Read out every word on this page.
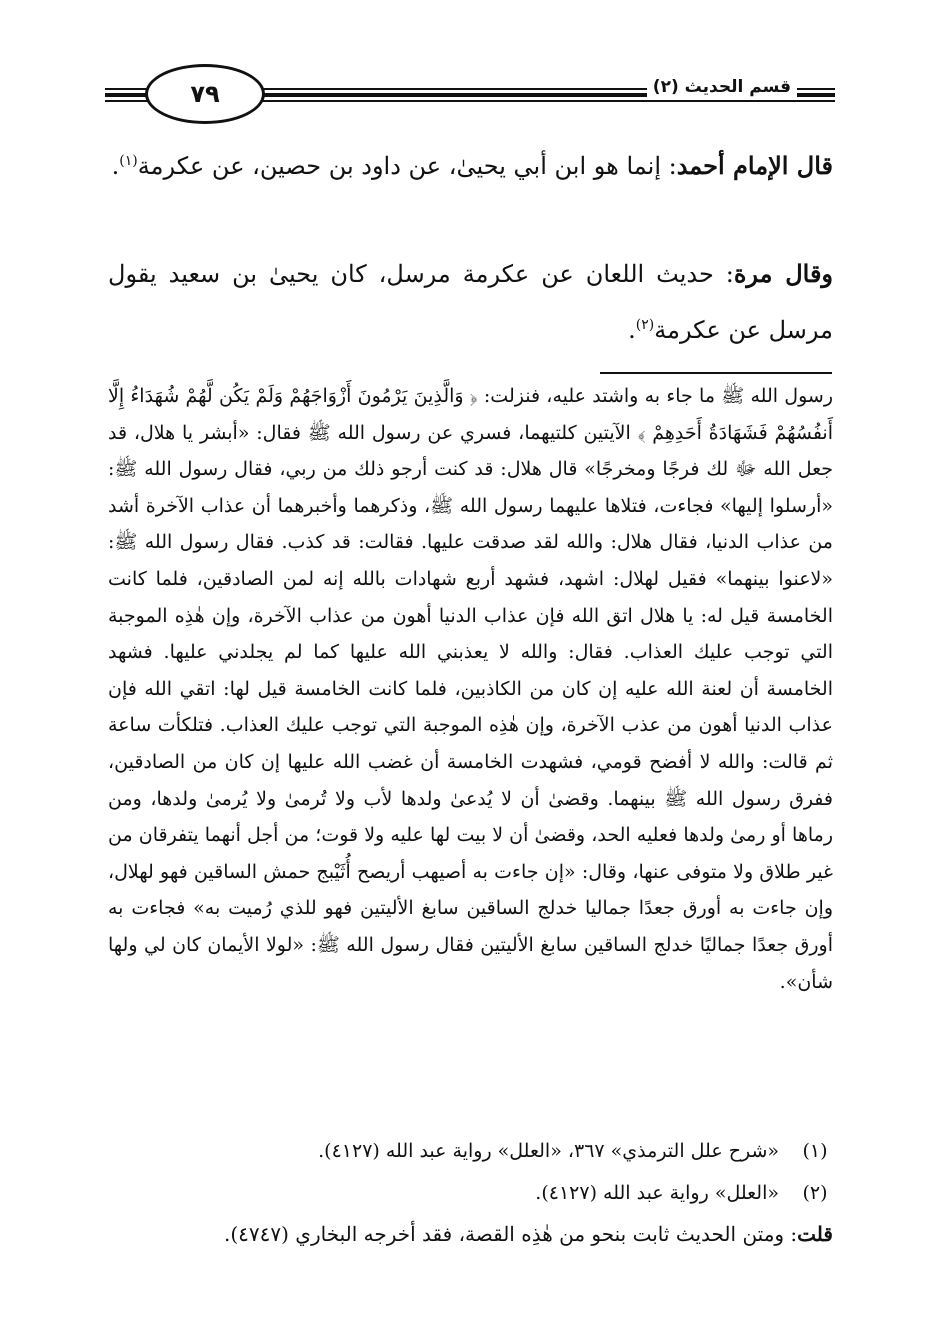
٧٩	قسم الحديث (٢)
قال الإمام أحمد: إنما هو ابن أبي يحيىٰ، عن داود بن حصين، عن عكرمة$^{(١)}$.
وقال مرة: حديث اللعان عن عكرمة مرسل، كان يحيىٰ بن سعيد يقول مرسل عن عكرمة$^{(٢)}$.
رسول الله ﷺ ما جاء به واشتد عليه، فنزلت: ﴿ وَالَّذِينَ يَرْمُونَ أَزْوَاجَهُمْ وَلَمْ يَكُن لَّهُمْ شُهَدَاءُ إِلَّا أَنفُسُهُمْ فَشَهَادَةُ أَحَدِهِمْ ﴾ الآيتين كلتيهما، فسري عن رسول الله ﷺ فقال: «أبشر يا هلال، قد جعل الله ﷻ لك فرجًا ومخرجًا» قال هلال: قد كنت أرجو ذلك من ربي، فقال رسول الله ﷺ: «أرسلوا إليها» فجاءت، فتلاها عليهما رسول الله ﷺ، وذكرهما وأخبرهما أن عذاب الآخرة أشد من عذاب الدنيا، فقال هلال: والله لقد صدقت عليها. فقالت: قد كذب. فقال رسول الله ﷺ: «لاعنوا بينهما» فقيل لهلال: اشهد، فشهد أربع شهادات بالله إنه لمن الصادقين، فلما كانت الخامسة قيل له: يا هلال اتق الله فإن عذاب الدنيا أهون من عذاب الآخرة، وإن هٰذِه الموجبة التي توجب عليك العذاب. فقال: والله لا يعذبني الله عليها كما لم يجلدني عليها. فشهد الخامسة أن لعنة الله عليه إن كان من الكاذبين، فلما كانت الخامسة قيل لها: اتقي الله فإن عذاب الدنيا أهون من عذب الآخرة، وإن هٰذِه الموجبة التي توجب عليك العذاب. فتلكأت ساعة ثم قالت: والله لا أفضح قومي، فشهدت الخامسة أن غضب الله عليها إن كان من الصادقين، ففرق رسول الله ﷺ بينهما. وقضىٰ أن لا يُدعىٰ ولدها لأب ولا تُرمىٰ ولا يُرمىٰ ولدها، ومن رماها أو رمىٰ ولدها فعليه الحد، وقضىٰ أن لا بيت لها عليه ولا قوت؛ من أجل أنهما يتفرقان من غير طلاق ولا متوفى عنها، وقال: «إن جاءت به أصيهب أريصح أُثَيْبج حمش الساقين فهو لهلال، وإن جاءت به أورق جعدًا جماليا خدلج الساقين سابغ الأليتين فهو للذي رُميت به» فجاءت به أورق جعدًا جماليًا خدلج الساقين سابغ الأليتين فقال رسول الله ﷺ: «لولا الأيمان كان لي ولها شأن».
(١)
«شرح علل الترمذي» ٣٦٧، «العلل» رواية عبد الله (٤١٢٧).
(٢)
«العلل» رواية عبد الله (٤١٢٧).
قلت: ومتن الحديث ثابت بنحو من هٰذِه القصة، فقد أخرجه البخاري (٤٧٤٧).
